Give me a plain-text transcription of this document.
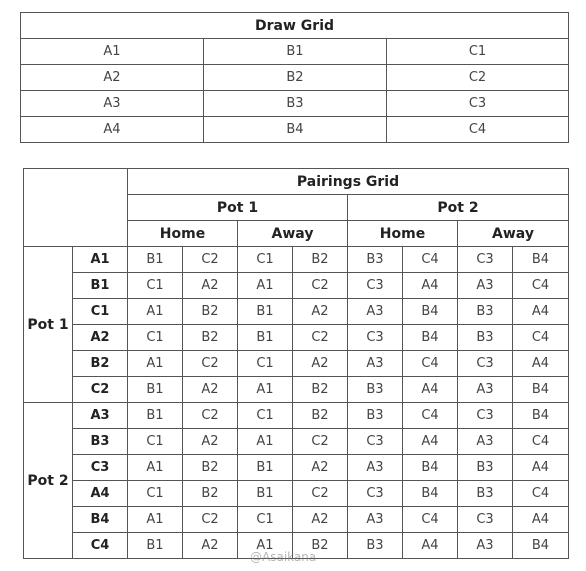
Draw Grid		
A1	B1	C1
A2	B2	C2
A3	B3	C3
A4	B4	C4
		Pairings Grid							
		Pot 1				Pot 2			
		Home		Away		Home		Away	
Pot 1	A1	B1	C2	C1	B2	B3	C4	C3	B4
	B1	C1	A2	A1	C2	C3	A4	A3	C4
	C1	A1	B2	B1	A2	A3	B4	B3	A4
	A2	C1	B2	B1	C2	C3	B4	B3	C4
	B2	A1	C2	C1	A2	A3	C4	C3	A4
	C2	B1	A2	A1	B2	B3	A4	A3	B4
Pot 2	A3	B1	C2	C1	B2	B3	C4	C3	B4
	B3	C1	A2	A1	C2	C3	A4	A3	C4
	C3	A1	B2	B1	A2	A3	B4	B3	A4
	A4	C1	B2	B1	C2	C3	B4	B3	C4
	B4	A1	C2	C1	A2	A3	C4	C3	A4
	C4	B1	A2	A1	B2	B3	A4	A3	B4
@Asaikana
